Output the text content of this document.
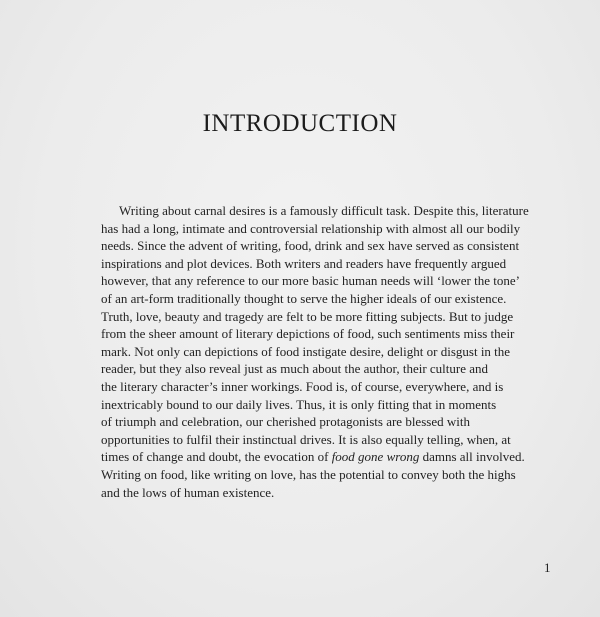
INTRODUCTION
Writing about carnal desires is a famously difficult task. Despite this, literature
has had a long, intimate and controversial relationship with almost all our bodily
needs. Since the advent of writing, food, drink and sex have served as consistent
inspirations and plot devices. Both writers and readers have frequently argued
however, that any reference to our more basic human needs will ‘lower the tone’
of an art-form traditionally thought to serve the higher ideals of our existence.
Truth, love, beauty and tragedy are felt to be more fitting subjects. But to judge
from the sheer amount of literary depictions of food, such sentiments miss their
mark. Not only can depictions of food instigate desire, delight or disgust in the
reader, but they also reveal just as much about the author, their culture and
the literary character’s inner workings. Food is, of course, everywhere, and is
inextricably bound to our daily lives. Thus, it is only fitting that in moments
of triumph and celebration, our cherished protagonists are blessed with
opportunities to fulfil their instinctual drives. It is also equally telling, when, at
times of change and doubt, the evocation of food gone wrong damns all involved.
Writing on food, like writing on love, has the potential to convey both the highs
and the lows of human existence.
1
